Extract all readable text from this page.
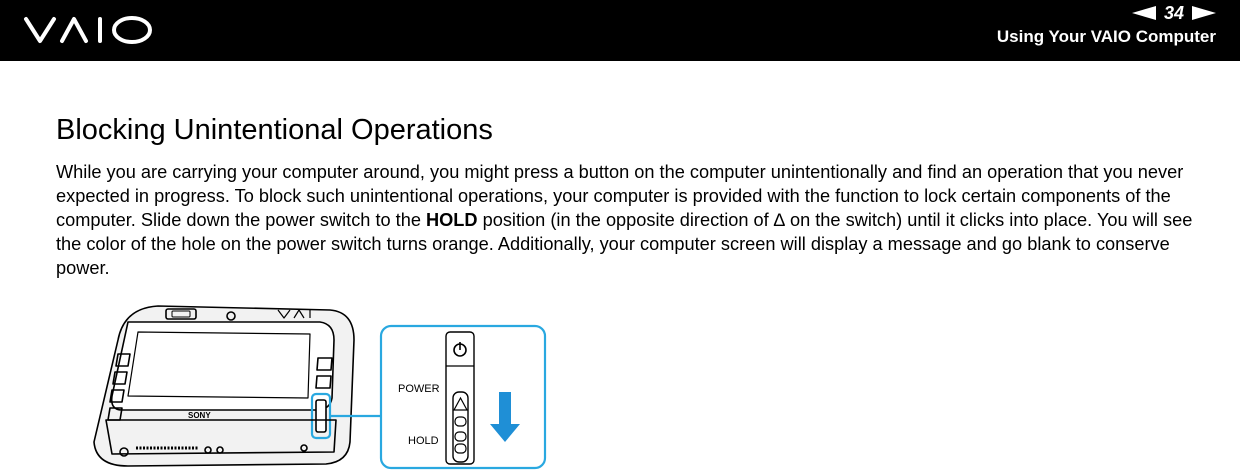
34
Using Your VAIO Computer
Blocking Unintentional Operations

While you are carrying your computer around, you might press a button on the computer unintentionally and find an operation that you never expected in progress. To block such unintentional operations, your computer is provided with the function to lock certain components of the computer. Slide down the power switch to the HOLD position (in the opposite direction of ∆ on the switch) until it clicks into place. You will see the color of the hole on the power switch turns orange. Additionally, your computer screen will display a message and go blank to conserve power.

SONY
POWER
HOLD
